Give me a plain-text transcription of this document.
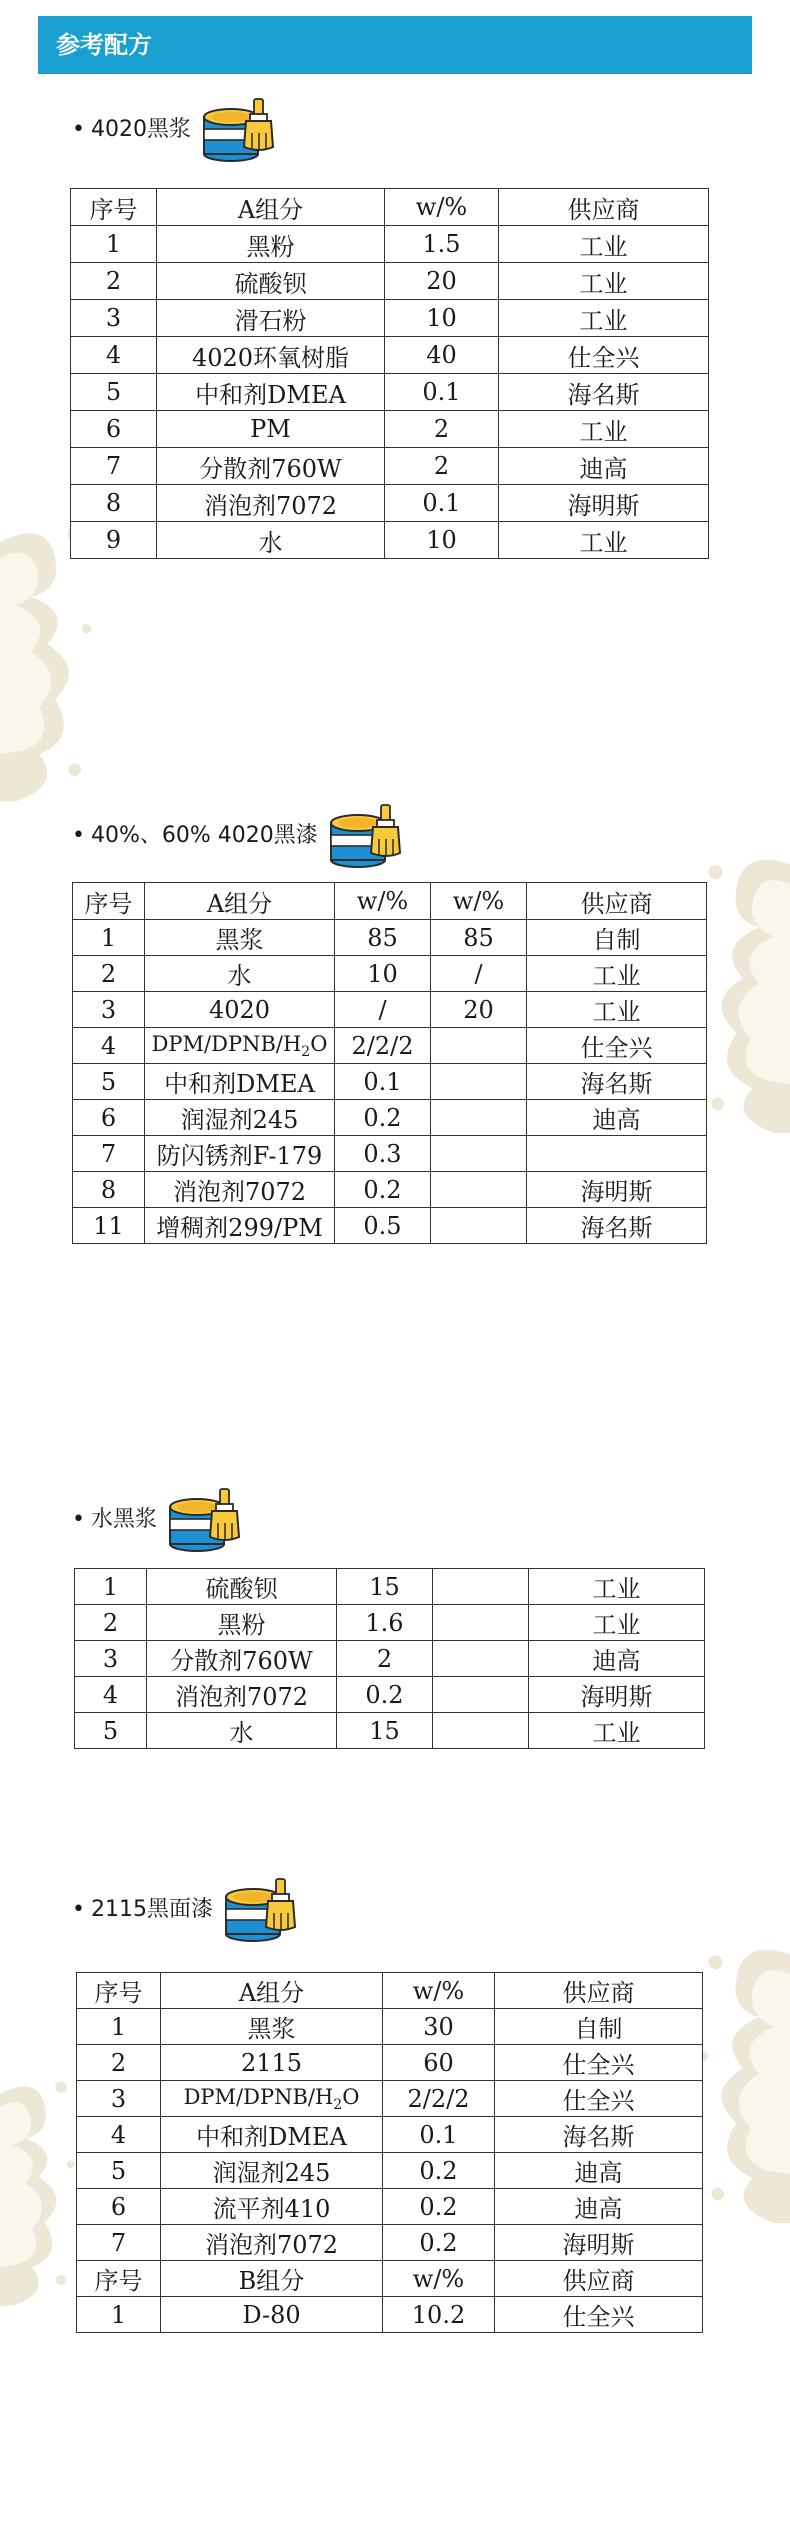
参考配方
• 4020黑浆
序号	A组分	w/%	供应商
1	黑粉	1.5	工业
2	硫酸钡	20	工业
3	滑石粉	10	工业
4	4020环氧树脂	40	仕全兴
5	中和剂DMEA	0.1	海名斯
6	PM	2	工业
7	分散剂760W	2	迪高
8	消泡剂7072	0.1	海明斯
9	水	10	工业
• 40%、60% 4020黑漆
序号	A组分	w/%	w/%	供应商
1	黑浆	85	85	自制
2	水	10	/	工业
3	4020	/	20	工业
4	DPM/$DPNB/H_2O$	2/2/2		仕全兴
5	中和剂DMEA	0.1		海名斯
6	润湿剂245	0.2		迪高
7	防闪锈剂F-179	0.3		
8	消泡剂7072	0.2		海明斯
11	增稠剂299/PM	0.5		海名斯
• 水黑浆
1	硫酸钡	15		工业
2	黑粉	1.6		工业
3	分散剂760W	2		迪高
4	消泡剂7072	0.2		海明斯
5	水	15		工业
• 2115黑面漆
序号	A组分	w/%	供应商
1	黑浆	30	自制
2	2115	60	仕全兴
3	DPM/$DPNB/H_2O$	2/2/2	仕全兴
4	中和剂DMEA	0.1	海名斯
5	润湿剂245	0.2	迪高
6	流平剂410	0.2	迪高
7	消泡剂7072	0.2	海明斯
序号	B组分	w/%	供应商
1	D-80	10.2	仕全兴
